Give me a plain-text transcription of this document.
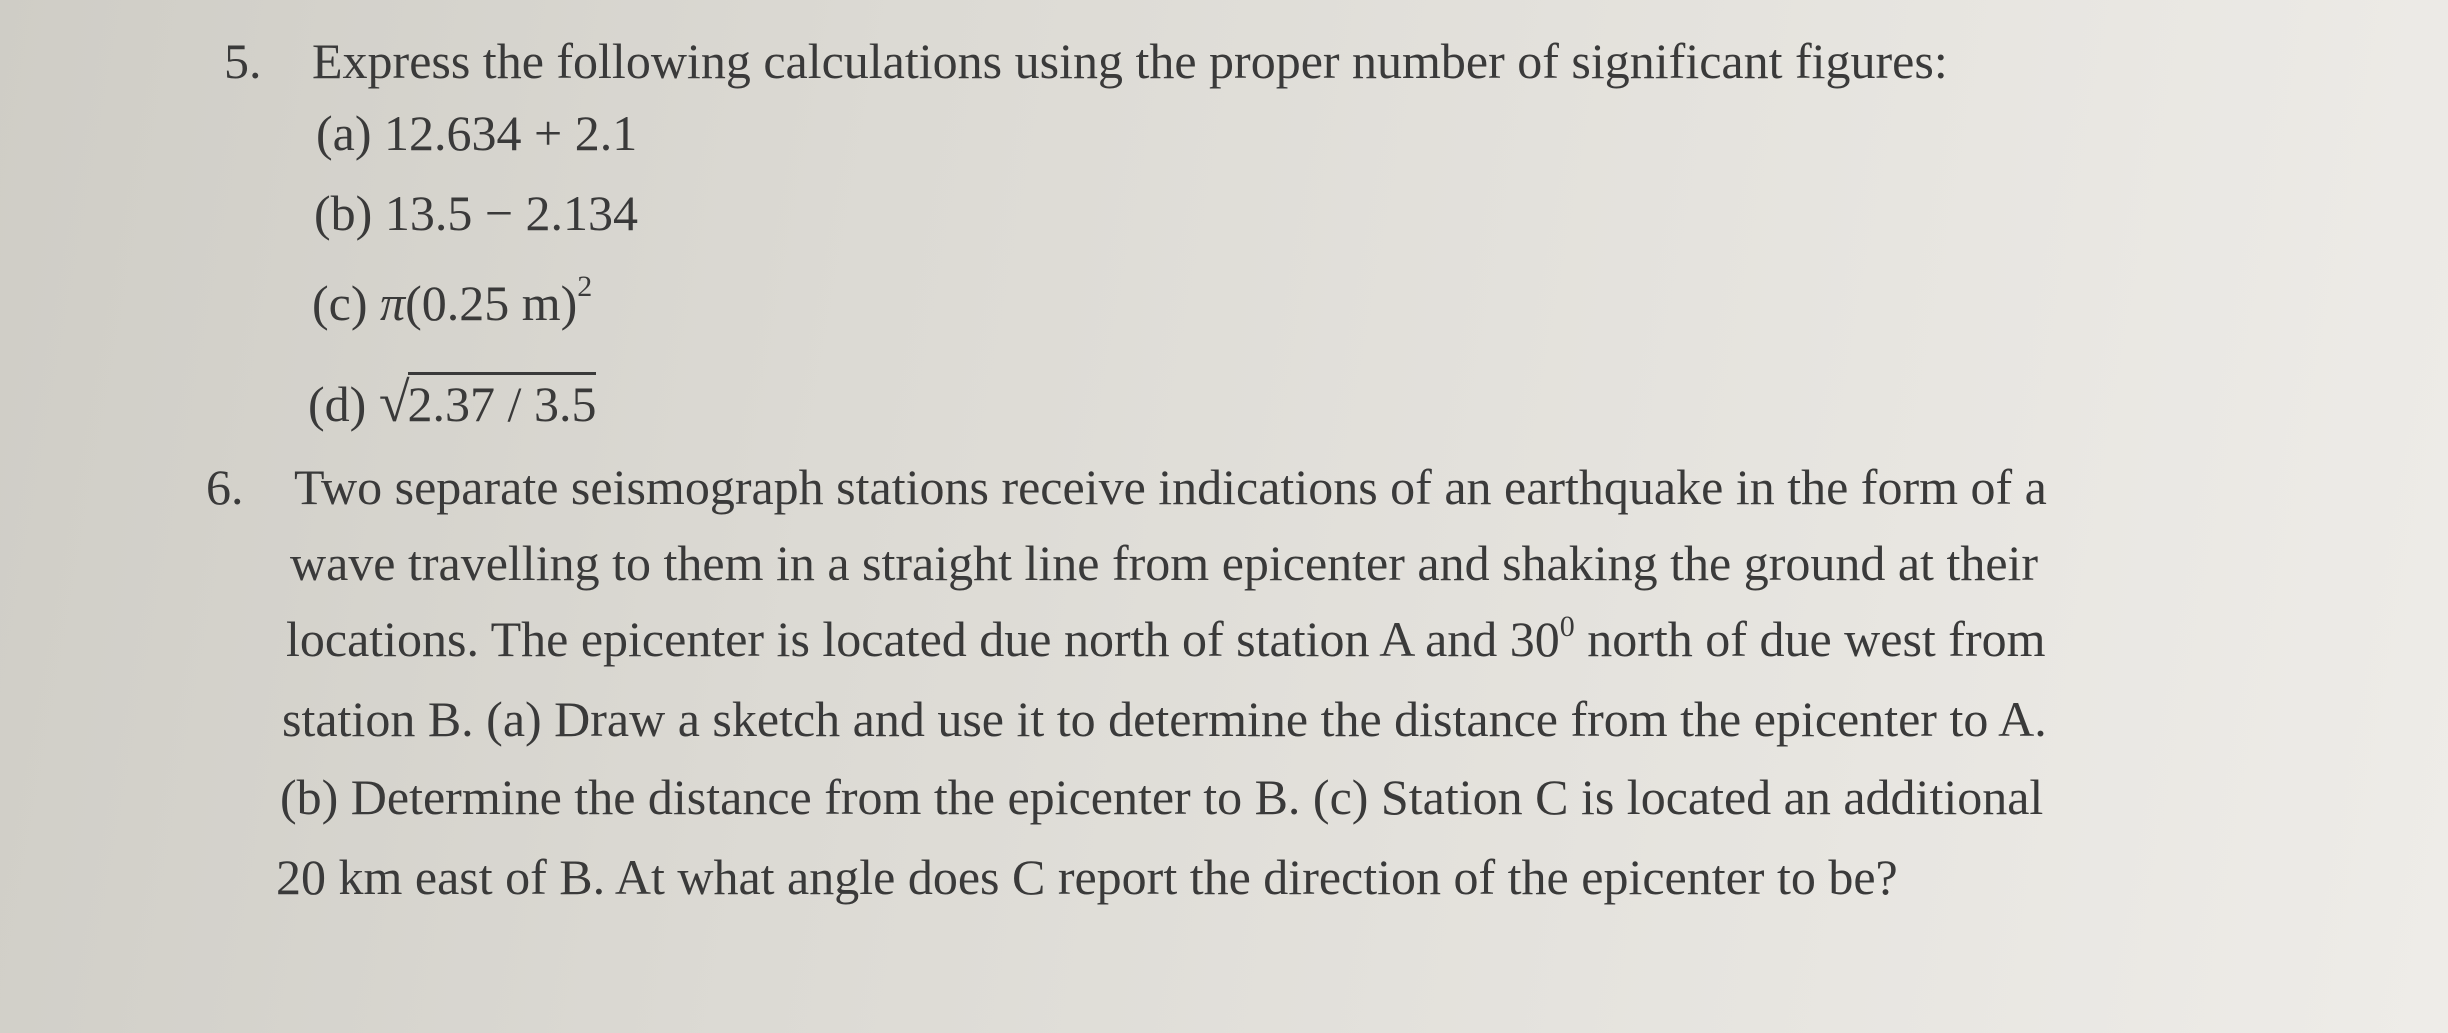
5. Express the following calculations using the proper number of significant figures:
(a) 12.634 + 2.1
(b) 13.5 − 2.134
(c) π(0.25 m)$^2$
(d) √2.37 / 3.5
6. Two separate seismograph stations receive indications of an earthquake in the form of a
wave travelling to them in a straight line from epicenter and shaking the ground at their
locations. The epicenter is located due north of station A and $30^0$ north of due west from
station B. (a) Draw a sketch and use it to determine the distance from the epicenter to A.
(b) Determine the distance from the epicenter to B. (c) Station C is located an additional
20 km east of B. At what angle does C report the direction of the epicenter to be?
